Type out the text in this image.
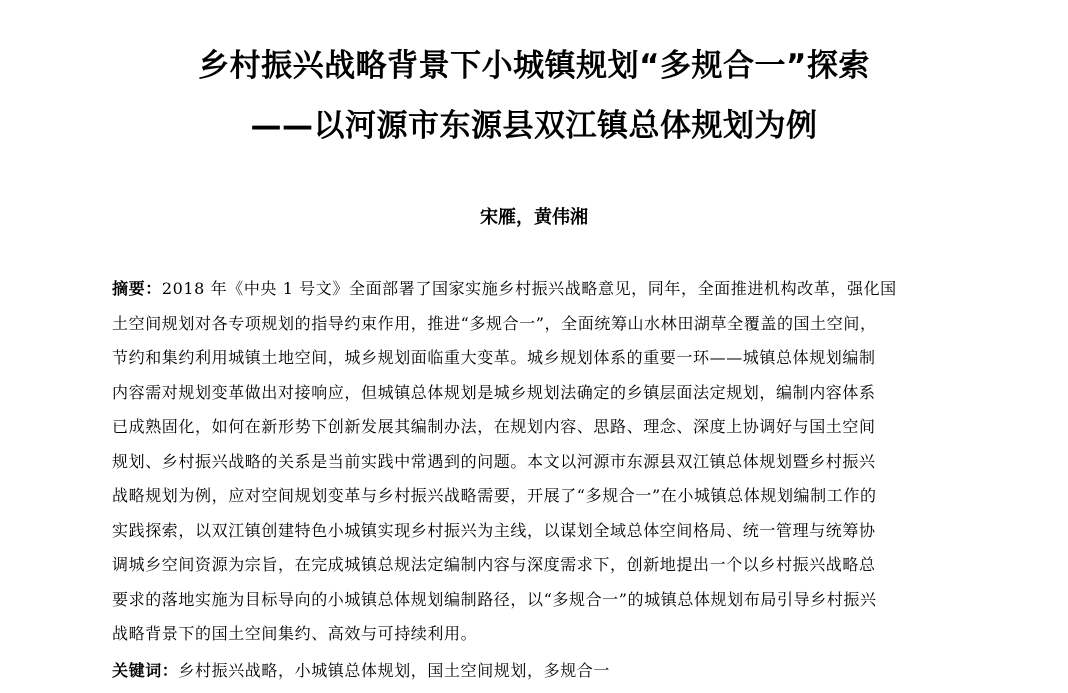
乡村振兴战略背景下小城镇规划“多规合一”探索
——以河源市东源县双江镇总体规划为例
宋雁，黄伟湘
摘要：2018 年《中央 1 号文》全面部署了国家实施乡村振兴战略意见，同年，全面推进机构改革，强化国
土空间规划对各专项规划的指导约束作用，推进“多规合一”，全面统筹山水林田湖草全覆盖的国土空间，
节约和集约利用城镇土地空间，城乡规划面临重大变革。城乡规划体系的重要一环——城镇总体规划编制
内容需对规划变革做出对接响应，但城镇总体规划是城乡规划法确定的乡镇层面法定规划，编制内容体系
已成熟固化，如何在新形势下创新发展其编制办法，在规划内容、思路、理念、深度上协调好与国土空间
规划、乡村振兴战略的关系是当前实践中常遇到的问题。本文以河源市东源县双江镇总体规划暨乡村振兴
战略规划为例，应对空间规划变革与乡村振兴战略需要，开展了“多规合一”在小城镇总体规划编制工作的
实践探索，以双江镇创建特色小城镇实现乡村振兴为主线，以谋划全域总体空间格局、统一管理与统筹协
调城乡空间资源为宗旨，在完成城镇总规法定编制内容与深度需求下，创新地提出一个以乡村振兴战略总
要求的落地实施为目标导向的小城镇总体规划编制路径，以“多规合一”的城镇总体规划布局引导乡村振兴
战略背景下的国土空间集约、高效与可持续利用。
关键词：乡村振兴战略，小城镇总体规划，国土空间规划，多规合一
